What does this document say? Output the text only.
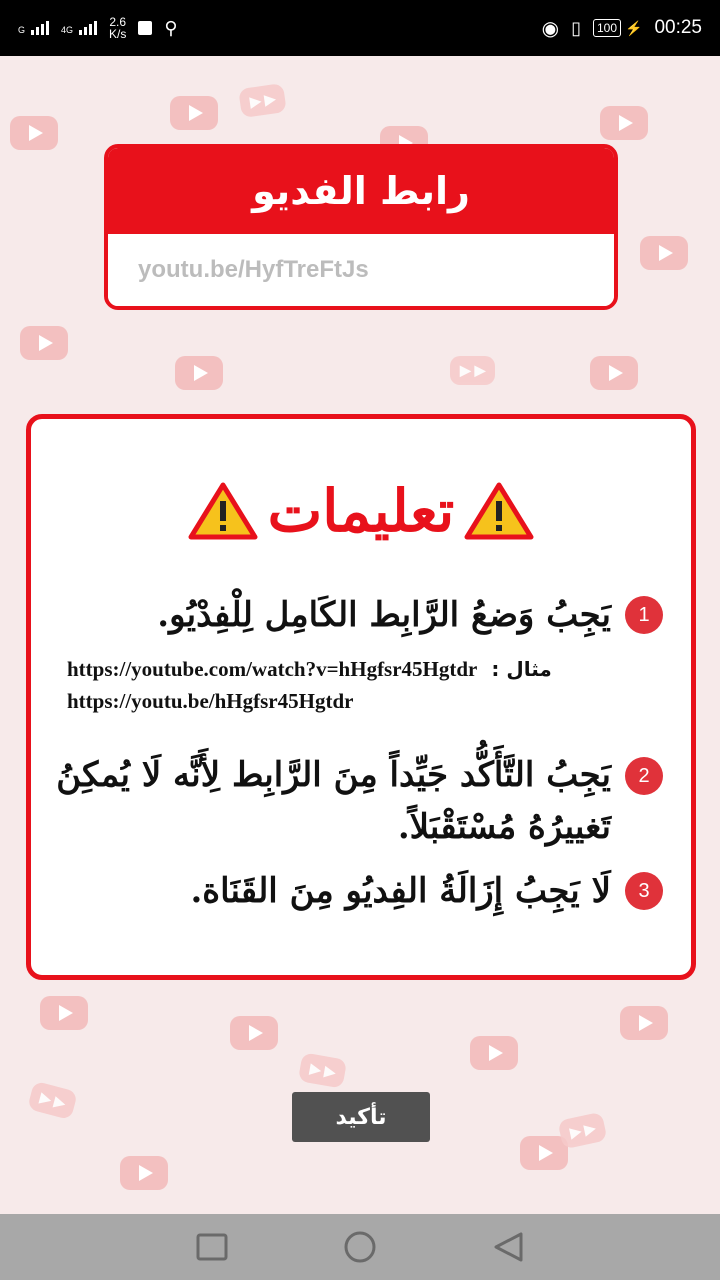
G	4G
2.6
K/s ⚲	◉ ▯	100 ⚡ 00:25
▶ ▶
▶ ▶
▶ ▶
▶ ▶
▶ ▶
رابط الفديو
youtu.be/HyfTreFtJs
تعليمات
1يَجِبُ وَضعُ الرَّابِط الكَامِل لِلْفِدْيُو.
https://youtube.com/watch?v=hHgfsr45Hgtdr مثال :
https://youtu.be/hHgfsr45Hgtdr
2يَجِبُ التَّأَكُّد جَيِّداً مِنَ الرَّابِط لِأَنَّه لَا يُمكِنُ تَغييرُهُ مُسْتَقْبَلاً.
3لَا يَجِبُ إِزَالَةُ الفِديُو مِنَ القَنَاة.
تأكيد
